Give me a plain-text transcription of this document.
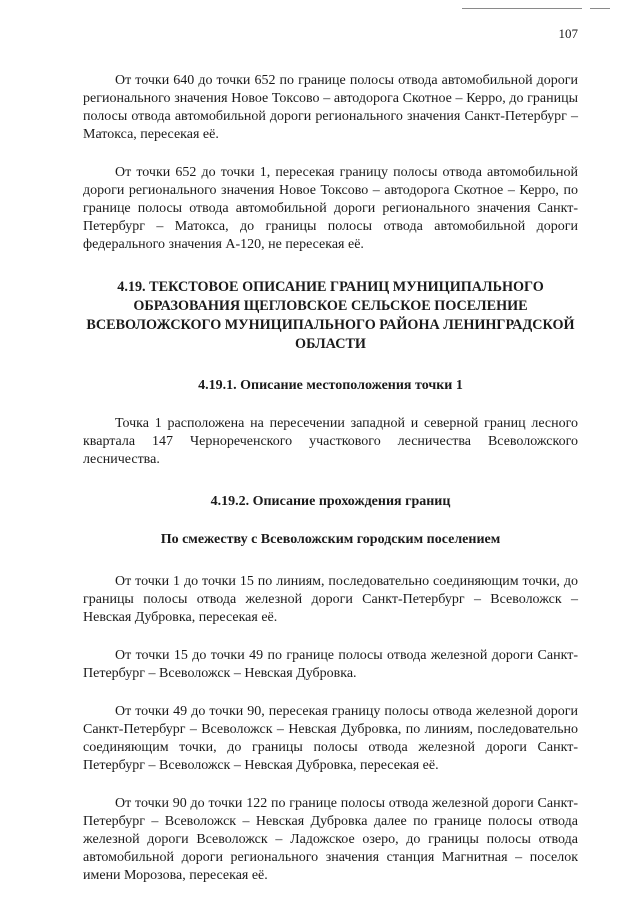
107

От точки 640 до точки 652 по границе полосы отвода автомобильной дороги регионального значения Новое Токсово – автодорога Скотное – Керро, до границы полосы отвода автомобильной дороги регионального значения Санкт-Петербург – Матокса, пересекая её.

От точки 652 до точки 1, пересекая границу полосы отвода автомобильной дороги регионального значения Новое Токсово – автодорога Скотное – Керро, по границе полосы отвода автомобильной дороги регионального значения Санкт-Петербург – Матокса, до границы полосы отвода автомобильной дороги федерального значения А-120, не пересекая её.

4.19. ТЕКСТОВОЕ ОПИСАНИЕ ГРАНИЦ МУНИЦИПАЛЬНОГО ОБРАЗОВАНИЯ ЩЕГЛОВСКОЕ СЕЛЬСКОЕ ПОСЕЛЕНИЕ ВСЕВОЛОЖСКОГО МУНИЦИПАЛЬНОГО РАЙОНА ЛЕНИНГРАДСКОЙ ОБЛАСТИ
4.19.1. Описание местоположения точки 1

Точка 1 расположена на пересечении западной и северной границ лесного квартала 147 Чернореченского участкового лесничества Всеволожского лесничества.

4.19.2. Описание прохождения границ
По смежеству с Всеволожским городским поселением

От точки 1 до точки 15 по линиям, последовательно соединяющим точки, до границы полосы отвода железной дороги Санкт-Петербург – Всеволожск – Невская Дубровка, пересекая её.

От точки 15 до точки 49 по границе полосы отвода железной дороги Санкт-Петербург – Всеволожск – Невская Дубровка.

От точки 49 до точки 90, пересекая границу полосы отвода железной дороги Санкт-Петербург – Всеволожск – Невская Дубровка, по линиям, последовательно соединяющим точки, до границы полосы отвода железной дороги Санкт-Петербург – Всеволожск – Невская Дубровка, пересекая её.

От точки 90 до точки 122 по границе полосы отвода железной дороги Санкт-Петербург – Всеволожск – Невская Дубровка далее по границе полосы отвода железной дороги Всеволожск – Ладожское озеро, до границы полосы отвода автомобильной дороги регионального значения станция Магнитная – поселок имени Морозова, пересекая её.
